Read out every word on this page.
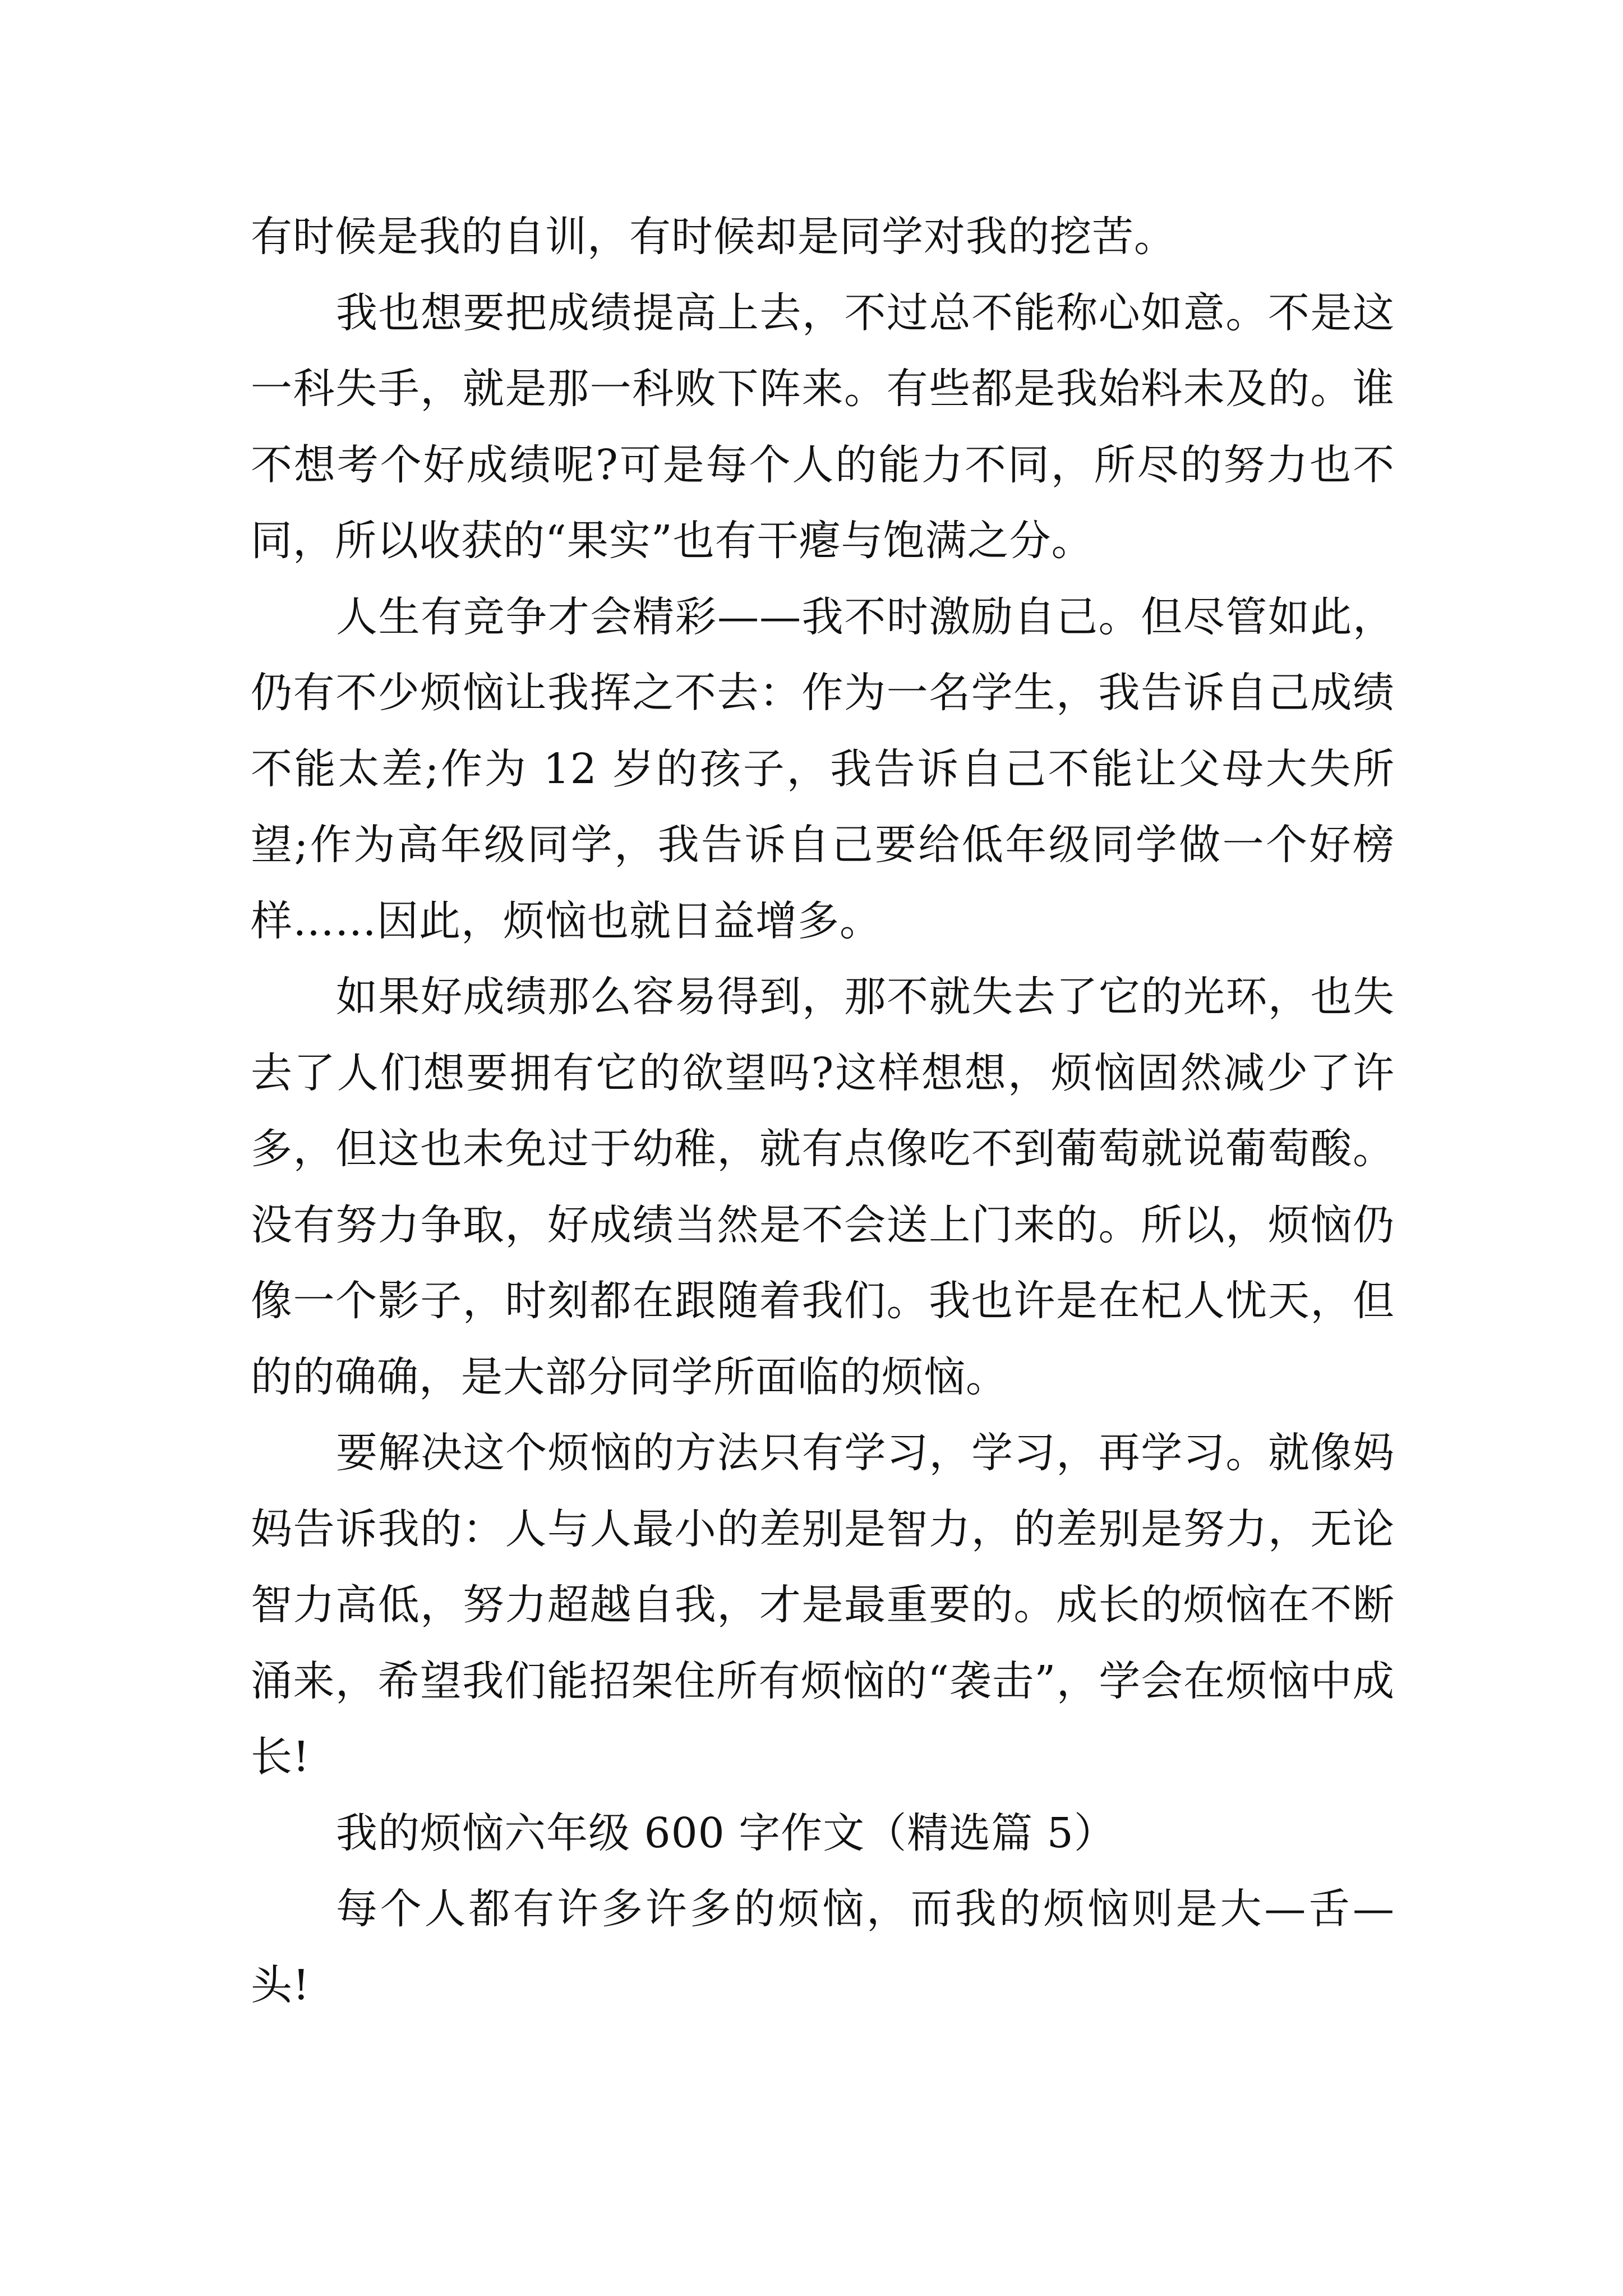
有时候是我的自训，有时候却是同学对我的挖苦。

我也想要把成绩提高上去，不过总不能称心如意。不是这一科失手，就是那一科败下阵来。有些都是我始料未及的。谁不想考个好成绩呢?可是每个人的能力不同，所尽的努力也不同，所以收获的“果实”也有干瘪与饱满之分。

人生有竞争才会精彩——我不时激励自己。但尽管如此，仍有不少烦恼让我挥之不去：作为一名学生，我告诉自己成绩不能太差;作为 12 岁的孩子，我告诉自己不能让父母大失所望;作为高年级同学，我告诉自己要给低年级同学做一个好榜样……因此，烦恼也就日益增多。

如果好成绩那么容易得到，那不就失去了它的光环，也失去了人们想要拥有它的欲望吗?这样想想，烦恼固然减少了许多，但这也未免过于幼稚，就有点像吃不到葡萄就说葡萄酸。没有努力争取，好成绩当然是不会送上门来的。所以，烦恼仍像一个影子，时刻都在跟随着我们。我也许是在杞人忧天，但的的确确，是大部分同学所面临的烦恼。

要解决这个烦恼的方法只有学习，学习，再学习。就像妈妈告诉我的：人与人最小的差别是智力，的差别是努力，无论智力高低，努力超越自我，才是最重要的。成长的烦恼在不断涌来，希望我们能招架住所有烦恼的“袭击”，学会在烦恼中成长!

我的烦恼六年级 600 字作文（精选篇 5）

每个人都有许多许多的烦恼，而我的烦恼则是大—舌—头!
